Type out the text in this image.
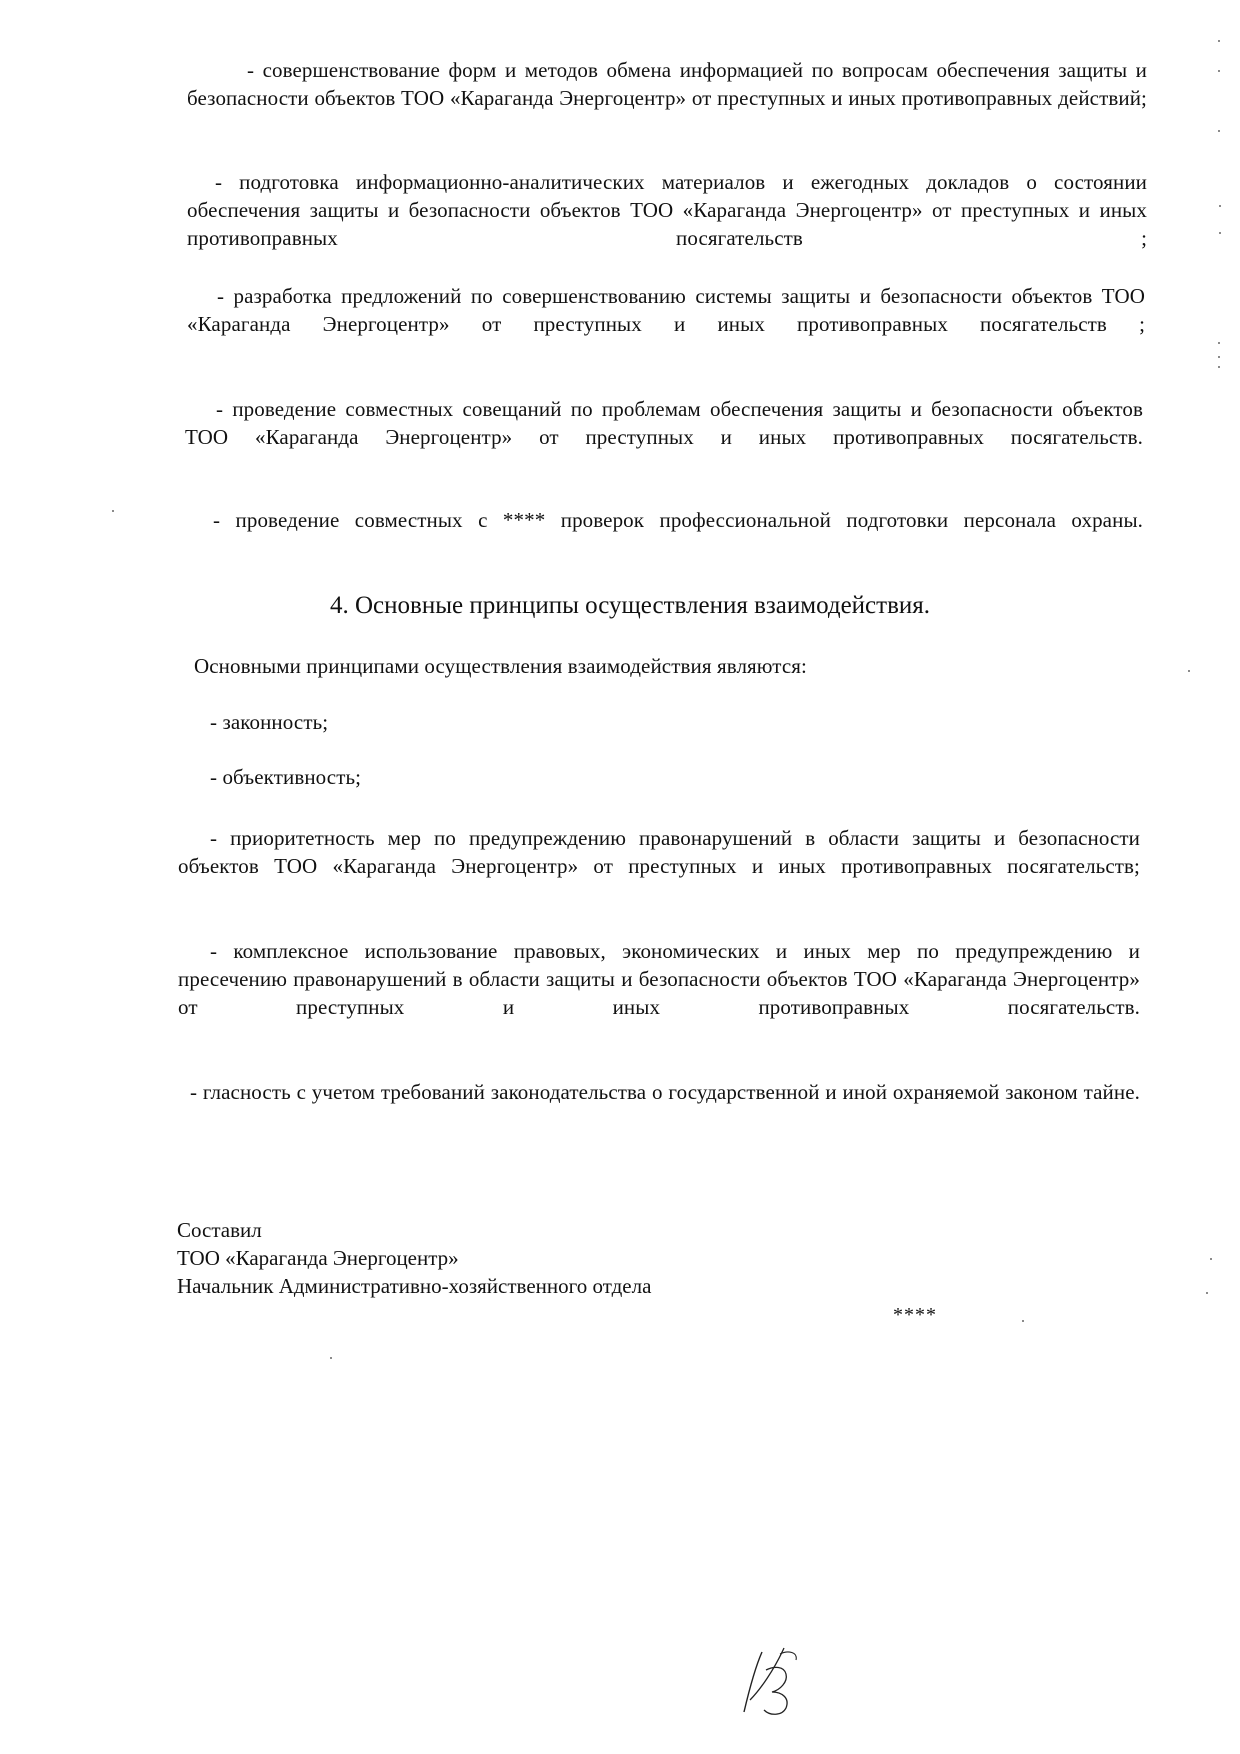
- совершенствование форм и методов обмена информацией по вопросам обеспечения защиты и безопасности объектов ТОО «Караганда Энергоцентр» от преступных и иных противоправных действий;

- подготовка информационно-аналитических материалов и ежегодных докладов о состоянии обеспечения защиты и безопасности объектов ТОО «Караганда Энергоцентр» от преступных и иных противоправных посягательств ;

- разработка предложений по совершенствованию системы защиты и безопасности объектов ТОО «Караганда Энергоцентр» от преступных и иных противоправных посягательств ;

- проведение совместных совещаний по проблемам обеспечения защиты и безопасности объектов ТОО «Караганда Энергоцентр» от преступных и иных противоправных посягательств.

- проведение совместных с **** проверок профессиональной подготовки персонала охраны.

4. Основные принципы осуществления взаимодействия.

Основными принципами осуществления взаимодействия являются:

- законность;

- объективность;

- приоритетность мер по предупреждению правонарушений в области защиты и безопасности объектов ТОО «Караганда Энергоцентр» от преступных и иных противоправных посягательств;

- комплексное использование правовых, экономических и иных мер по предупреждению и пресечению правонарушений в области защиты и безопасности объектов ТОО «Караганда Энергоцентр» от преступных и иных противоправных посягательств.

- гласность с учетом требований законодательства о государственной и иной охраняемой законом тайне.

Составил
ТОО «Караганда Энергоцентр»
Начальник Административно-хозяйственного отдела
****
